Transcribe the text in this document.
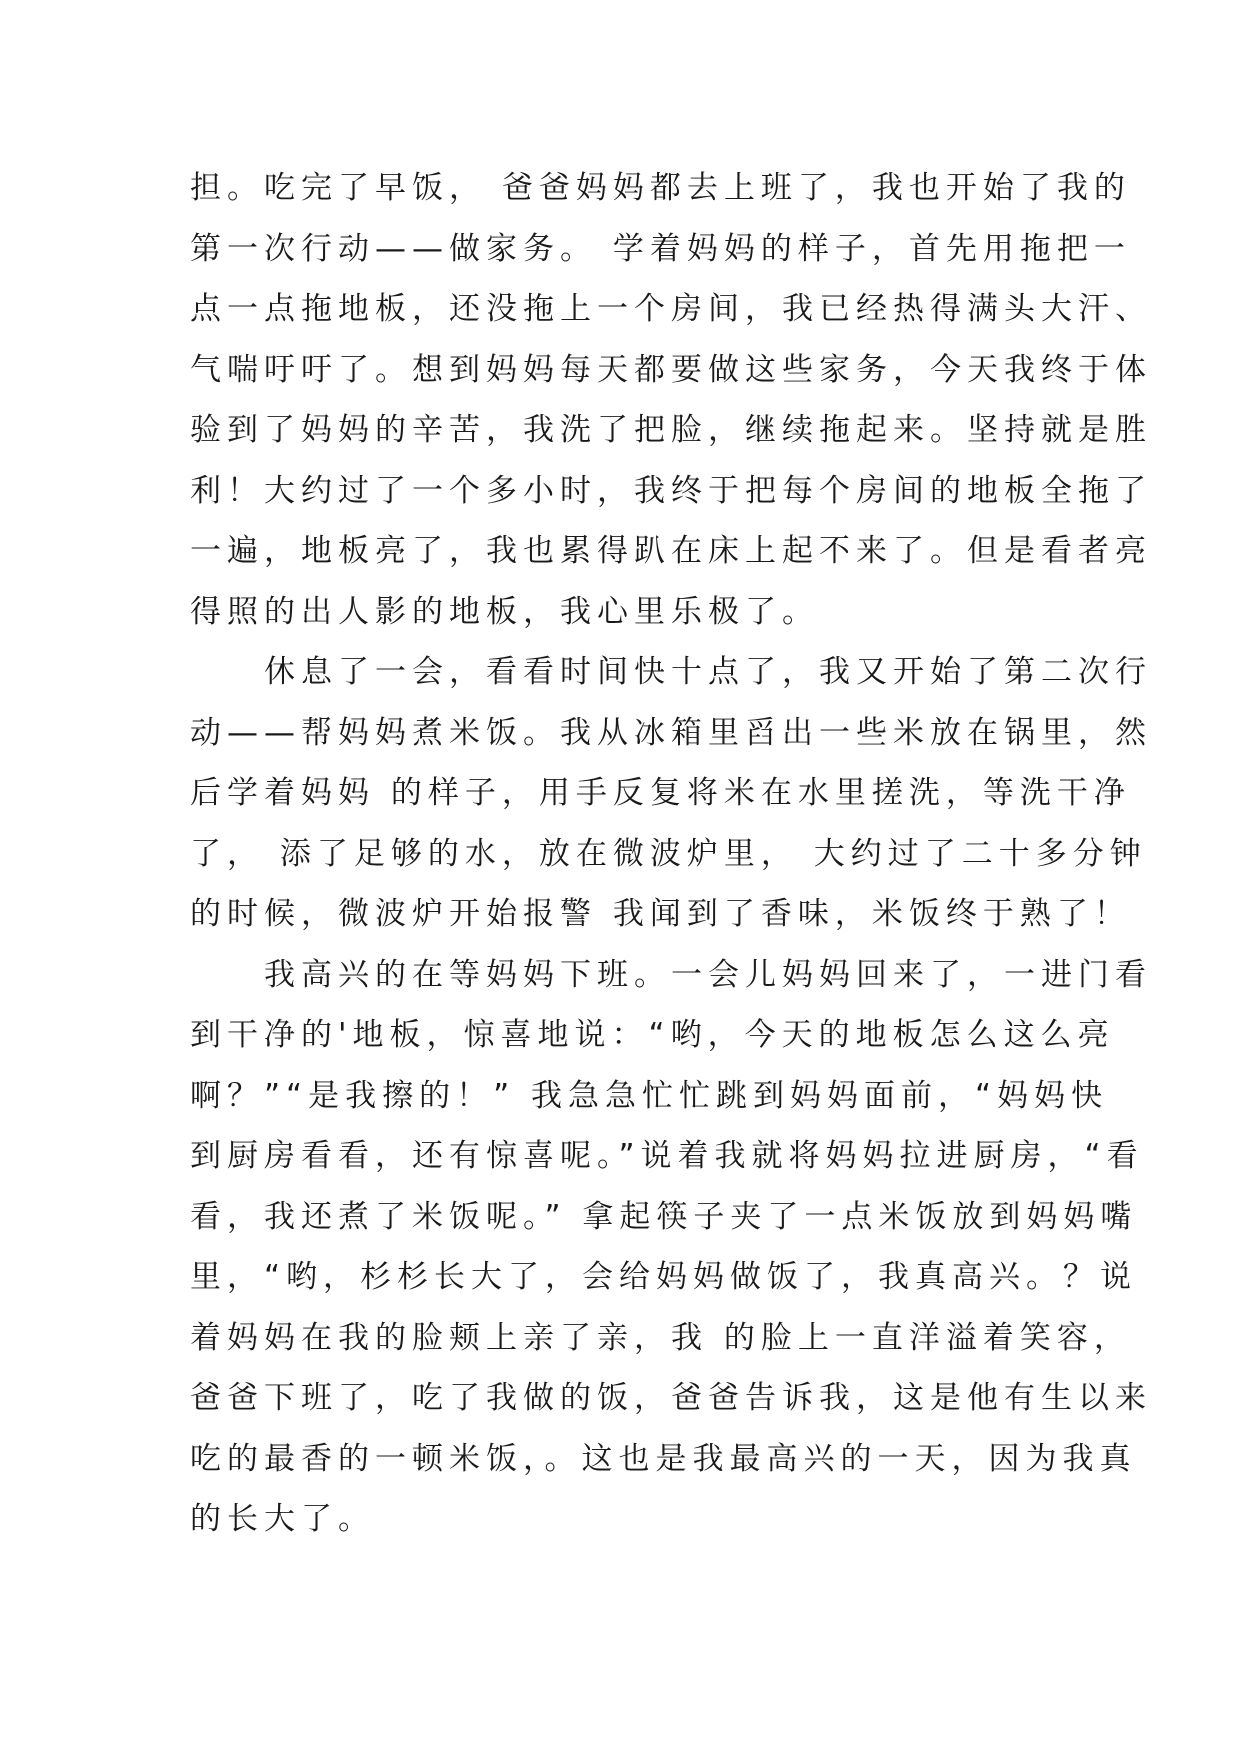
担。吃完了早饭， 爸爸妈妈都去上班了，我也开始了我的
第一次行动——做家务。 学着妈妈的样子，首先用拖把一
点一点拖地板，还没拖上一个房间，我已经热得满头大汗、
气喘吁吁了。想到妈妈每天都要做这些家务，今天我终于体
验到了妈妈的辛苦，我洗了把脸，继续拖起来。坚持就是胜
利！大约过了一个多小时，我终于把每个房间的地板全拖了
一遍，地板亮了，我也累得趴在床上起不来了。但是看者亮
得照的出人影的地板，我心里乐极了。
　　休息了一会，看看时间快十点了，我又开始了第二次行
动——帮妈妈煮米饭。我从冰箱里舀出一些米放在锅里，然
后学着妈妈 的样子，用手反复将米在水里搓洗，等洗干净
了， 添了足够的水，放在微波炉里， 大约过了二十多分钟
的时候，微波炉开始报警 我闻到了香味，米饭终于熟了！
　　我高兴的在等妈妈下班。一会儿妈妈回来了，一进门看
到干净的'地板，惊喜地说：“哟，今天的地板怎么这么亮
啊？”“是我擦的！” 我急急忙忙跳到妈妈面前，“妈妈快
到厨房看看，还有惊喜呢。”说着我就将妈妈拉进厨房，“看
看，我还煮了米饭呢。” 拿起筷子夹了一点米饭放到妈妈嘴
里，“哟，杉杉长大了，会给妈妈做饭了，我真高兴。？说
着妈妈在我的脸颊上亲了亲，我 的脸上一直洋溢着笑容，
爸爸下班了，吃了我做的饭，爸爸告诉我，这是他有生以来
吃的最香的一顿米饭，。这也是我最高兴的一天，因为我真
的长大了。
